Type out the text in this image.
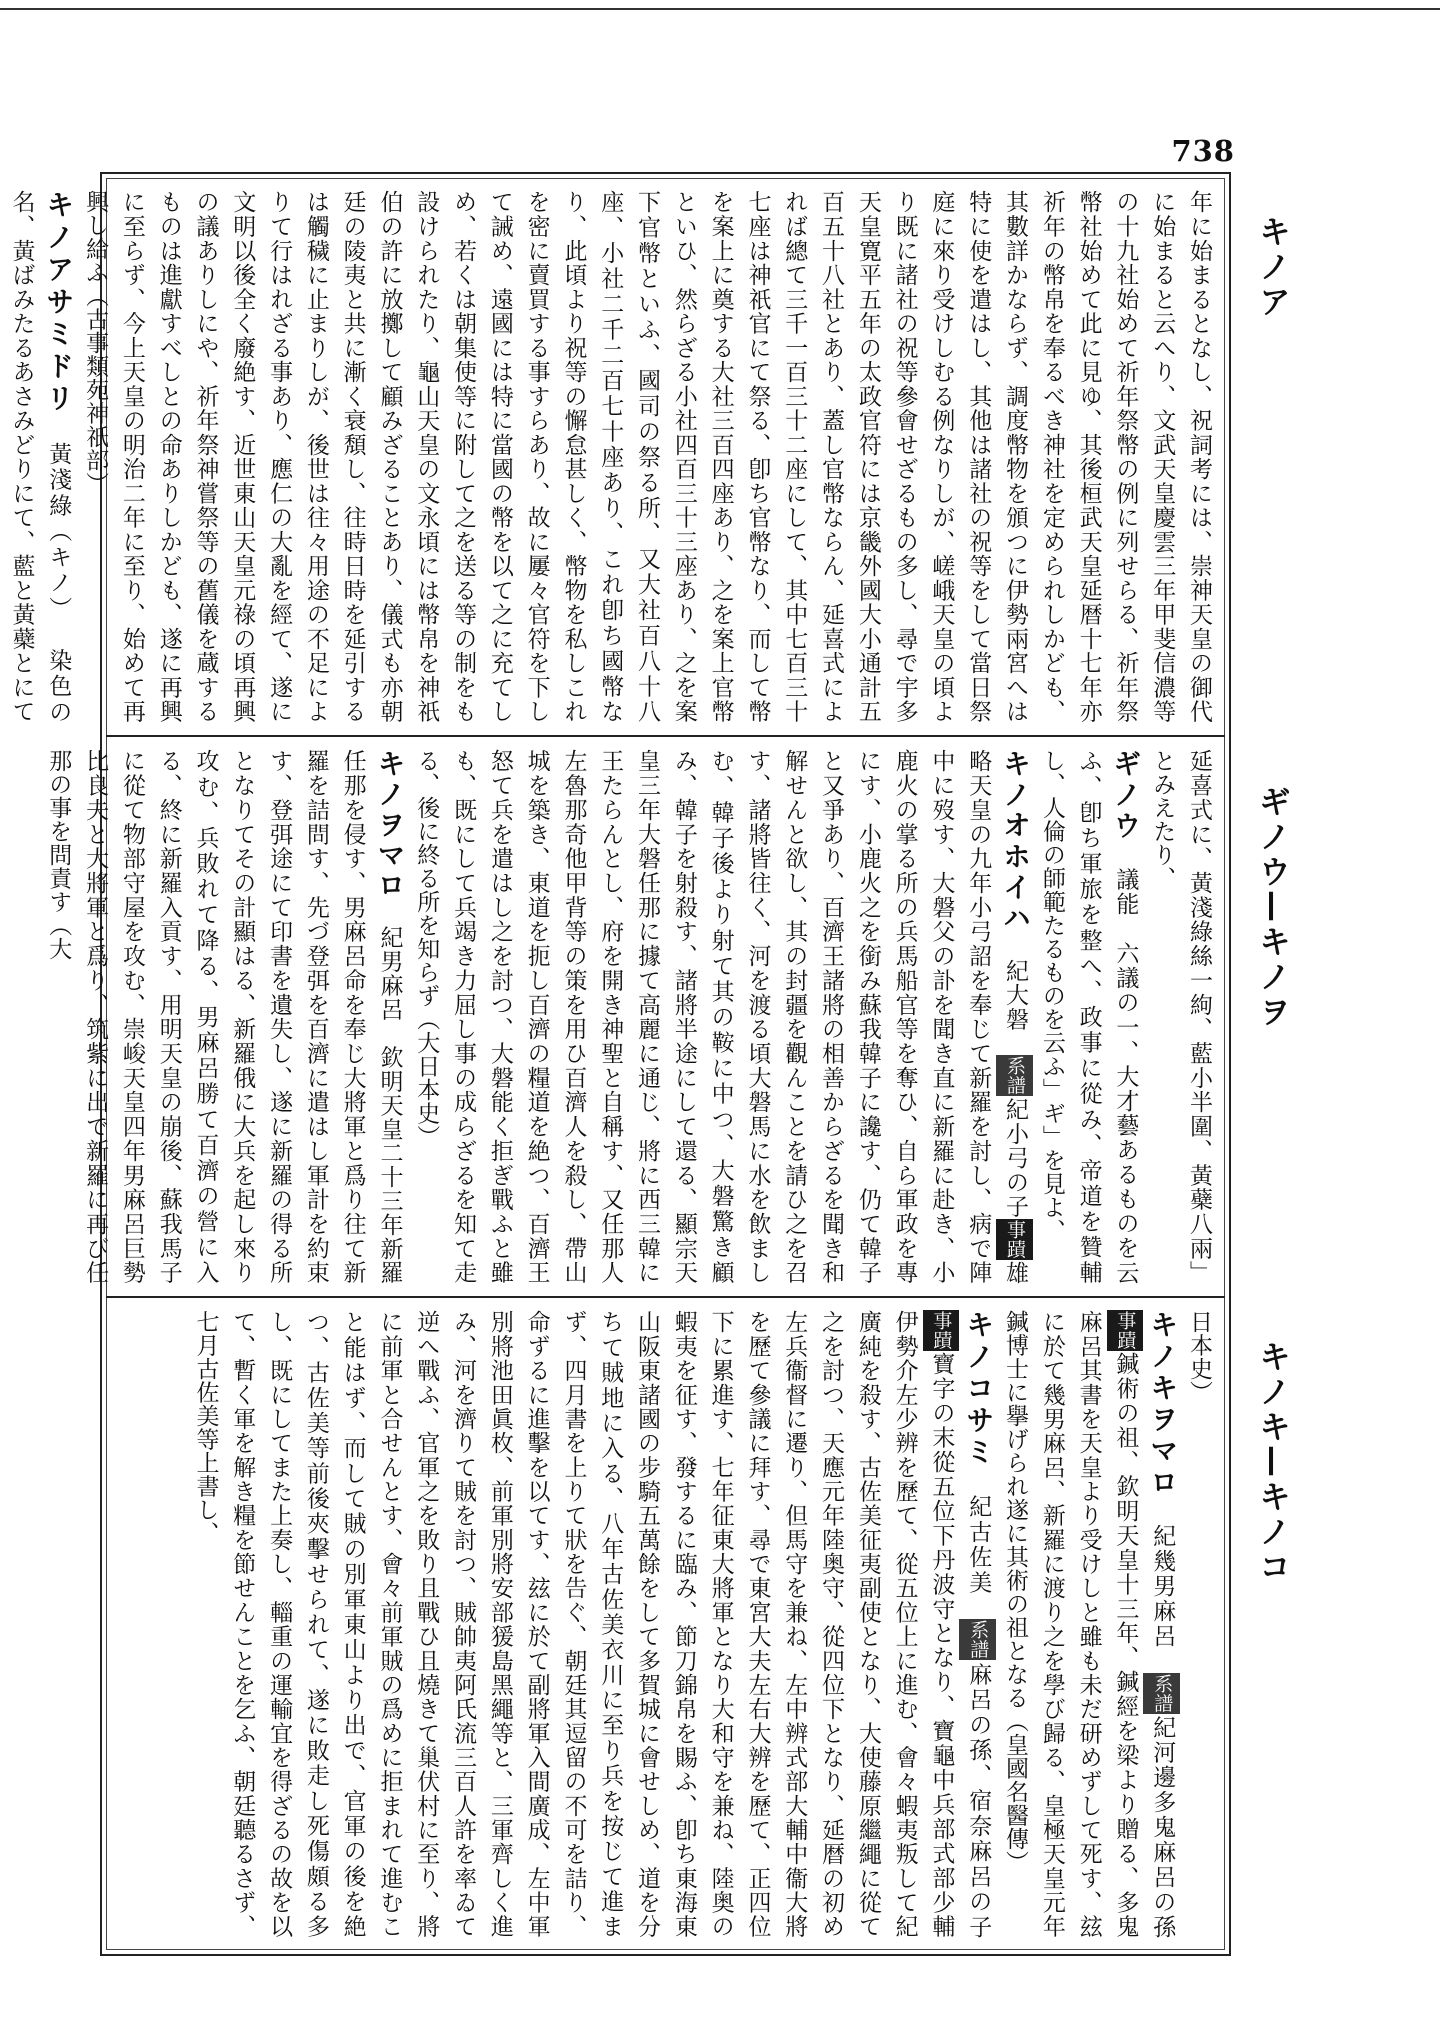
738
キノア
ギノウ—キノヲ
キノキ—キノコ

年に始まるとなし、祝詞考には、崇神天皇の御代に始まると云へり、文武天皇慶雲三年甲斐信濃等の十九社始めて祈年祭幣の例に列せらる、祈年祭幣社始めて此に見ゆ、其後桓武天皇延暦十七年亦祈年の幣帛を奉るべき神社を定められしかども、其數詳かならず、調度幣物を頒つに伊勢兩宮へは特に使を遣はし、其他は諸社の祝等をして當日祭庭に來り受けしむる例なりしが、嵯峨天皇の頃より既に諸社の祝等參會せざるもの多し、尋で宇多天皇寛平五年の太政官符には京畿外國大小通計五百五十八社とあり、蓋し官幣ならん、延喜式によれば總て三千一百三十二座にして、其中七百三十七座は神祇官にて祭る、卽ち官幣なり、而して幣を案上に奠する大社三百四座あり、之を案上官幣といひ、然らざる小社四百三十三座あり、之を案下官幣といふ、國司の祭る所、又大社百八十八座、小社二千二百七十座あり、これ卽ち國幣なり、此頃より祝等の懈怠甚しく、幣物を私しこれを密に賣買する事すらあり、故に屢々官符を下して誡め、遠國には特に當國の幣を以て之に充てしめ、若くは朝集使等に附して之を送る等の制をも設けられたり、龜山天皇の文永頃には幣帛を神祇伯の許に放擲して顧みざることあり、儀式も亦朝廷の陵夷と共に漸く衰頽し、往時日時を延引するは觸穢に止まりしが、後世は往々用途の不足によりて行はれざる事あり、應仁の大亂を經て、遂に文明以後全く廢絶す、近世東山天皇元祿の頃再興の議ありしにや、祈年祭神嘗祭等の舊儀を蔵するものは進獻すべしとの命ありしかども、遂に再興に至らず、今上天皇の明治二年に至り、始めて再興し給ふ（古事類苑神祇部）

キノアサミドリ黃淺綠（キノ）染色の名、黃ばみたるあさみどりにて、藍と黃蘗とにて

延喜式に、黃淺綠絲一絇、藍小半圍、黃蘗八兩」とみえたり、

ギノウ議能六議の一、大才藝あるものを云ふ、卽ち軍旅を整へ、政事に從み、帝道を贊輔し、人倫の師範たるものを云ふ」ギ」を見よ、

キノオホイハ紀大磐系譜紀小弓の子事蹟雄略天皇の九年小弓詔を奉じて新羅を討し、病で陣中に歿す、大磐父の訃を聞き直に新羅に赴き、小鹿火の掌る所の兵馬船官等を奪ひ、自ら軍政を專にす、小鹿火之を銜み蘇我韓子に讒す、仍て韓子と又爭あり、百濟王諸將の相善からざるを聞き和解せんと欲し、其の封疆を觀んことを請ひ之を召す、諸將皆往く、河を渡る頃大磐馬に水を飲ましむ、韓子後より射て其の鞍に中つ、大磐驚き顧み、韓子を射殺す、諸將半途にして還る、顯宗天皇三年大磐任那に據て高麗に通じ、將に西三韓に王たらんとし、府を開き神聖と自稱す、又任那人左魯那奇他甲背等の策を用ひ百濟人を殺し、帶山城を築き、東道を扼し百濟の糧道を絶つ、百濟王怒て兵を遣はし之を討つ、大磐能く拒ぎ戰ふと雖も、既にして兵竭き力屈し事の成らざるを知て走る、後に終る所を知らず（大日本史）

キノヲマロ紀男麻呂欽明天皇二十三年新羅任那を侵す、男麻呂命を奉じ大將軍と爲り往て新羅を詰問す、先づ登弭を百濟に遣はし軍計を約束す、登弭途にて印書を遺失し、遂に新羅の得る所となりてその計顯はる、新羅俄に大兵を起し來り攻む、兵敗れて降る、男麻呂勝て百濟の營に入る、終に新羅入貢す、用明天皇の崩後、蘇我馬子に從て物部守屋を攻む、崇峻天皇四年男麻呂巨勢比良夫と大將軍と爲り、筑紫に出で新羅に再び任那の事を問責す（大

日本史）

キノキヲマロ紀幾男麻呂系譜紀河邊多鬼麻呂の孫事蹟鍼術の祖、欽明天皇十三年、鍼經を梁より贈る、多鬼麻呂其書を天皇より受けしと雖も未だ研めずして死す、玆に於て幾男麻呂、新羅に渡り之を學び歸る、皇極天皇元年鍼博士に擧げられ遂に其術の祖となる（皇國名醫傳）

キノコサミ紀古佐美系譜麻呂の孫、宿奈麻呂の子事蹟寶字の末從五位下丹波守となり、寶龜中兵部式部少輔伊勢介左少辨を歷て、從五位上に進む、會々蝦夷叛して紀廣純を殺す、古佐美征夷副使となり、大使藤原繼繩に從て之を討つ、天應元年陸奥守、從四位下となり、延暦の初め左兵衞督に遷り、但馬守を兼ね、左中辨式部大輔中衞大將を歷て參議に拜す、尋で東宮大夫左右大辨を歷て、正四位下に累進す、七年征東大將軍となり大和守を兼ね、陸奥の蝦夷を征す、發するに臨み、節刀錦帛を賜ふ、卽ち東海東山阪東諸國の步騎五萬餘をして多賀城に會せしめ、道を分ちて賊地に入る、八年古佐美衣川に至り兵を按じて進まず、四月書を上りて狀を告ぐ、朝廷其逗留の不可を詰り、命ずるに進擊を以てす、玆に於て副將軍入間廣成、左中軍別將池田眞枚、前軍別將安部猨島黑繩等と、三軍齊しく進み、河を濟りて賊を討つ、賊帥夷阿氏流三百人許を率ゐて逆へ戰ふ、官軍之を敗り且戰ひ且燒きて巢伏村に至り、將に前軍と合せんとす、會々前軍賊の爲めに拒まれて進むこと能はず、而して賊の別軍東山より出で、官軍の後を絶つ、古佐美等前後夾擊せられて、遂に敗走し死傷頗る多し、既にしてまた上奏し、輜重の運輸宜を得ざるの故を以て、暫く軍を解き糧を節せんことを乞ふ、朝廷聽るさず、七月古佐美等上書し、
